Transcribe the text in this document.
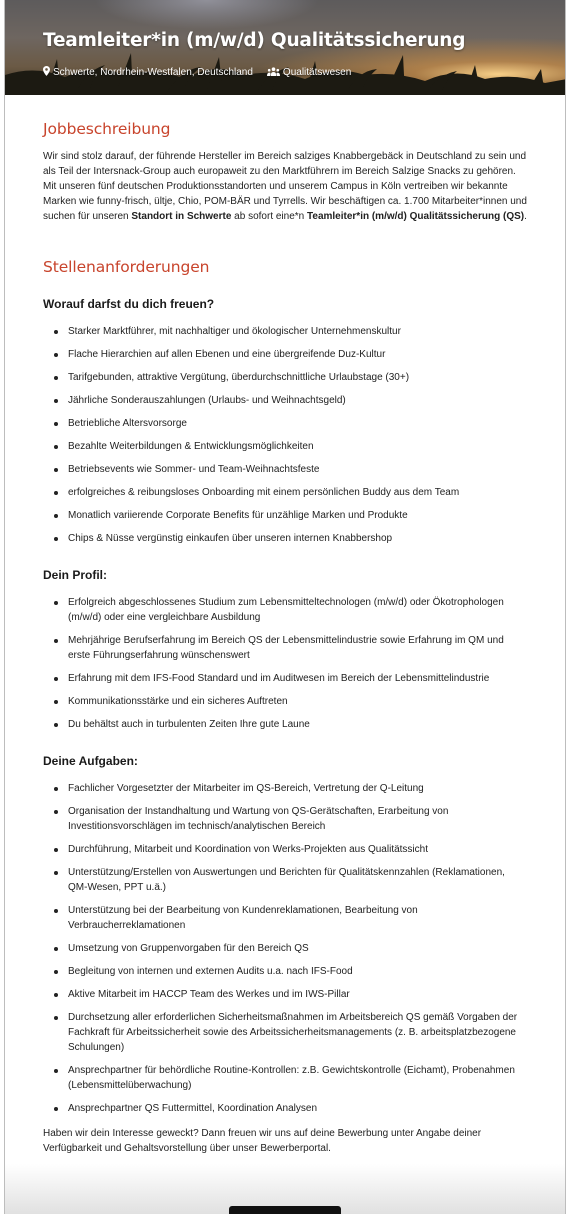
Teamleiter*in (m/w/d) Qualitätssicherung
Schwerte, Nordrhein-Westfalen, Deutschland	Qualitätswesen
Jobbeschreibung

Wir sind stolz darauf, der führende Hersteller im Bereich salziges Knabbergebäck in Deutschland zu sein und als Teil der Intersnack-Group auch europaweit zu den Marktführern im Bereich Salzige Snacks zu gehören. Mit unseren fünf deutschen Produktionsstandorten und unserem Campus in Köln vertreiben wir bekannte Marken wie funny-frisch, ültje, Chio, POM-BÄR und Tyrrells. Wir beschäftigen ca. 1.700 Mitarbeiter*innen und suchen für unseren Standort in Schwerte ab sofort eine*n Teamleiter*in (m/w/d) Qualitätssicherung (QS).

Stellenanforderungen
Worauf darfst du dich freuen?
Starker Marktführer, mit nachhaltiger und ökologischer Unternehmenskultur
Flache Hierarchien auf allen Ebenen und eine übergreifende Duz-Kultur
Tarifgebunden, attraktive Vergütung, überdurchschnittliche Urlaubstage (30+)
Jährliche Sonderauszahlungen (Urlaubs- und Weihnachtsgeld)
Betriebliche Altersvorsorge
Bezahlte Weiterbildungen & Entwicklungsmöglichkeiten
Betriebsevents wie Sommer- und Team-Weihnachtsfeste
erfolgreiches & reibungsloses Onboarding mit einem persönlichen Buddy aus dem Team
Monatlich variierende Corporate Benefits für unzählige Marken und Produkte
Chips & Nüsse vergünstig einkaufen über unseren internen Knabbershop
Dein Profil:
Erfolgreich abgeschlossenes Studium zum Lebensmitteltechnologen (m/w/d) oder Ökotrophologen (m/w/d) oder eine vergleichbare Ausbildung
Mehrjährige Berufserfahrung im Bereich QS der Lebensmittelindustrie sowie Erfahrung im QM und erste Führungserfahrung wünschenswert
Erfahrung mit dem IFS-Food Standard und im Auditwesen im Bereich der Lebensmittelindustrie
Kommunikationsstärke und ein sicheres Auftreten
Du behältst auch in turbulenten Zeiten Ihre gute Laune
Deine Aufgaben:
Fachlicher Vorgesetzter der Mitarbeiter im QS-Bereich, Vertretung der Q-Leitung
Organisation der Instandhaltung und Wartung von QS-Gerätschaften, Erarbeitung von Investitionsvorschlägen im technisch/analytischen Bereich
Durchführung, Mitarbeit und Koordination von Werks-Projekten aus Qualitätssicht
Unterstützung/Erstellen von Auswertungen und Berichten für Qualitätskennzahlen (Reklamationen, QM-Wesen, PPT u.ä.)
Unterstützung bei der Bearbeitung von Kundenreklamationen, Bearbeitung von Verbraucherreklamationen
Umsetzung von Gruppenvorgaben für den Bereich QS
Begleitung von internen und externen Audits u.a. nach IFS-Food
Aktive Mitarbeit im HACCP Team des Werkes und im IWS-Pillar
Durchsetzung aller erforderlichen Sicherheitsmaßnahmen im Arbeitsbereich QS gemäß Vorgaben der Fachkraft für Arbeitssicherheit sowie des Arbeitssicherheitsmanagements (z. B. arbeitsplatzbezogene Schulungen)
Ansprechpartner für behördliche Routine-Kontrollen: z.B. Gewichtskontrolle (Eichamt), Probenahmen (Lebensmittelüberwachung)
Ansprechpartner QS Futtermittel, Koordination Analysen

Haben wir dein Interesse geweckt? Dann freuen wir uns auf deine Bewerbung unter Angabe deiner Verfügbarkeit und Gehaltsvorstellung über unser Bewerberportal.
